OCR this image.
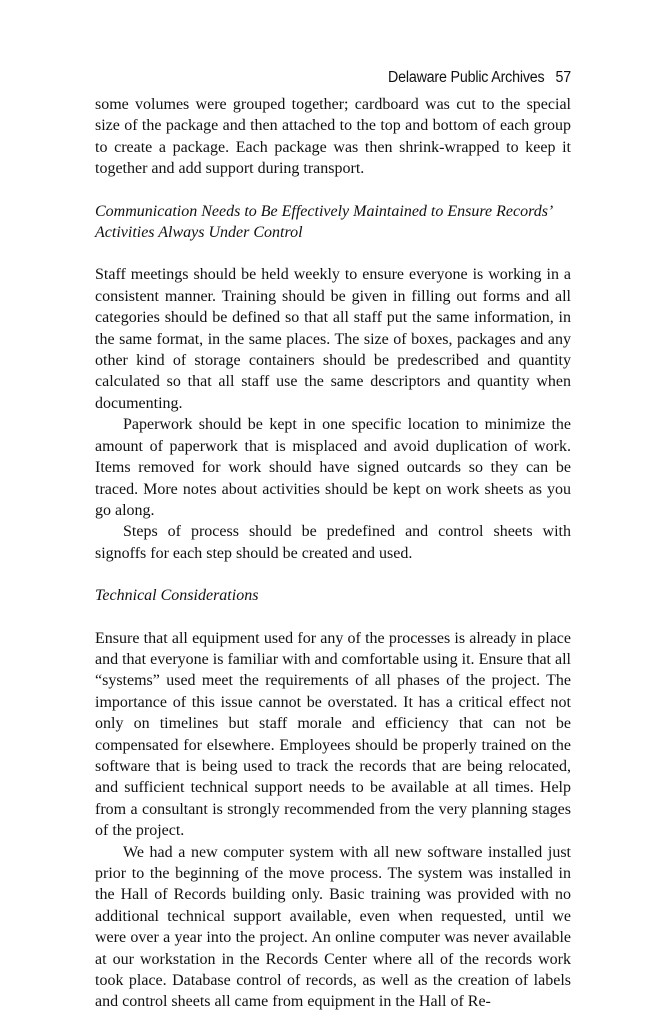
Delaware Public Archives 57

some volumes were grouped together; cardboard was cut to the special size of the package and then attached to the top and bottom of each group to create a package. Each package was then shrink-wrapped to keep it together and add support during transport.

Communication Needs to Be Effectively Maintained to Ensure Records’ Activities Always Under Control

Staff meetings should be held weekly to ensure everyone is working in a consistent manner. Training should be given in filling out forms and all categories should be defined so that all staff put the same information, in the same format, in the same places. The size of boxes, packages and any other kind of storage containers should be predescribed and quantity calculated so that all staff use the same descriptors and quantity when documenting.

Paperwork should be kept in one specific location to minimize the amount of paperwork that is misplaced and avoid duplication of work. Items removed for work should have signed outcards so they can be traced. More notes about activities should be kept on work sheets as you go along.

Steps of process should be predefined and control sheets with signoffs for each step should be created and used.

Technical Considerations

Ensure that all equipment used for any of the processes is already in place and that everyone is familiar with and comfortable using it. Ensure that all “systems” used meet the requirements of all phases of the project. The importance of this issue cannot be overstated. It has a critical effect not only on timelines but staff morale and efficiency that can not be compensated for elsewhere. Employees should be properly trained on the software that is being used to track the records that are being relocated, and sufficient technical support needs to be available at all times. Help from a consultant is strongly recommended from the very planning stages of the project.

We had a new computer system with all new software installed just prior to the beginning of the move process. The system was installed in the Hall of Records building only. Basic training was provided with no additional technical support available, even when requested, until we were over a year into the project. An online computer was never available at our workstation in the Records Center where all of the records work took place. Database control of records, as well as the creation of labels and control sheets all came from equipment in the Hall of Re-
